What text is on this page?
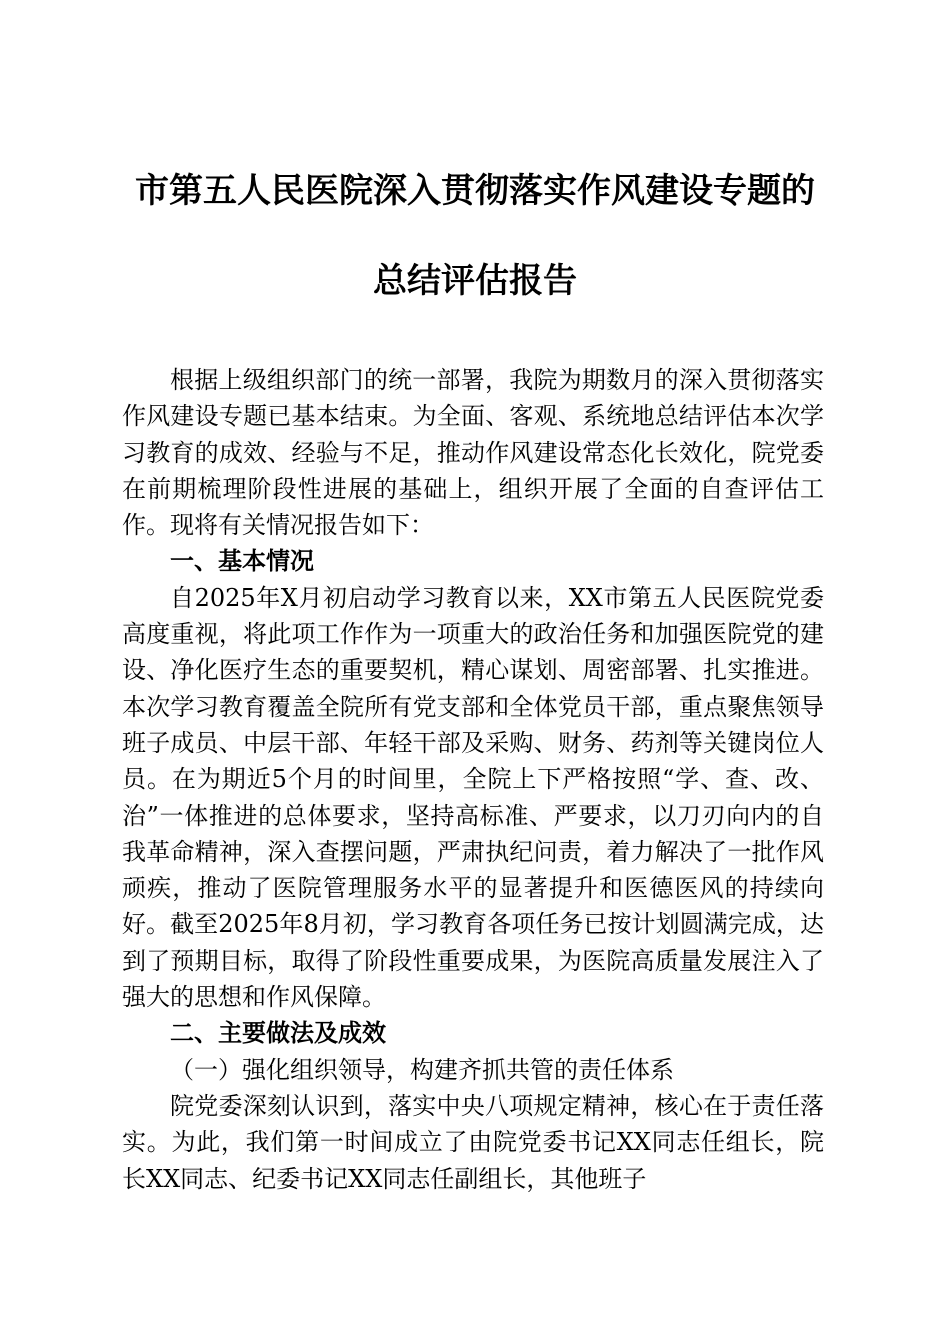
市第五人民医院深入贯彻落实作风建设专题的
总结评估报告

根据上级组织部门的统一部署，我院为期数月的深入贯彻落实作风建设专题已基本结束。为全面、客观、系统地总结评估本次学习教育的成效、经验与不足，推动作风建设常态化长效化，院党委在前期梳理阶段性进展的基础上，组织开展了全面的自查评估工作。现将有关情况报告如下：

一、基本情况

自2025年X月初启动学习教育以来，XX市第五人民医院党委高度重视，将此项工作作为一项重大的政治任务和加强医院党的建设、净化医疗生态的重要契机，精心谋划、周密部署、扎实推进。本次学习教育覆盖全院所有党支部和全体党员干部，重点聚焦领导班子成员、中层干部、年轻干部及采购、财务、药剂等关键岗位人员。在为期近5个月的时间里，全院上下严格按照“学、查、改、治”一体推进的总体要求，坚持高标准、严要求，以刀刃向内的自我革命精神，深入查摆问题，严肃执纪问责，着力解决了一批作风顽疾，推动了医院管理服务水平的显著提升和医德医风的持续向好。截至2025年8月初，学习教育各项任务已按计划圆满完成，达到了预期目标，取得了阶段性重要成果，为医院高质量发展注入了强大的思想和作风保障。

二、主要做法及成效

（一）强化组织领导，构建齐抓共管的责任体系

院党委深刻认识到，落实中央八项规定精神，核心在于责任落实。为此，我们第一时间成立了由院党委书记XX同志任组长，院长XX同志、纪委书记XX同志任副组长，其他班子
